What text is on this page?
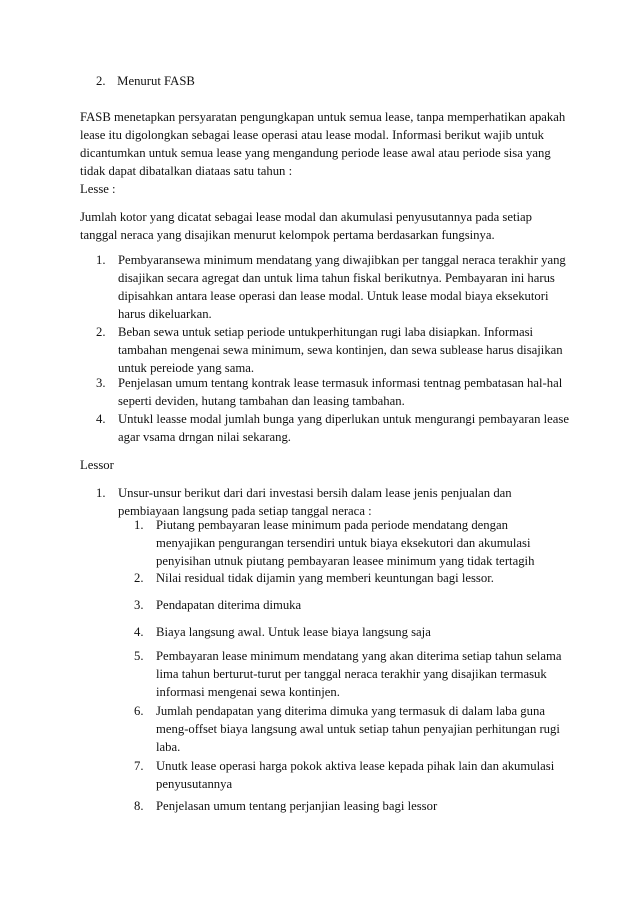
2. Menurut FASB
FASB menetapkan persyaratan pengungkapan untuk semua lease, tanpa memperhatikan apakah lease itu digolongkan sebagai lease operasi atau lease modal. Informasi berikut wajib untuk dicantumkan untuk semua lease yang mengandung periode lease awal atau periode sisa yang tidak dapat dibatalkan diataas satu tahun :
Lesse :
Jumlah kotor yang dicatat sebagai lease modal dan akumulasi penyusutannya pada setiap tanggal neraca yang disajikan menurut kelompok pertama berdasarkan fungsinya.
1. Pembyaransewa minimum mendatang yang diwajibkan per tanggal neraca terakhir yang disajikan secara agregat dan untuk lima tahun fiskal berikutnya. Pembayaran ini harus dipisahkan antara lease operasi dan lease modal. Untuk lease modal biaya eksekutori harus dikeluarkan.
2. Beban sewa untuk setiap periode untukperhitungan rugi laba disiapkan. Informasi tambahan mengenai sewa minimum, sewa kontinjen, dan sewa sublease harus disajikan untuk pereiode yang sama.
3. Penjelasan umum tentang kontrak lease termasuk informasi tentnag pembatasan hal-hal seperti deviden, hutang tambahan dan leasing tambahan.
4. Untukl leasse modal jumlah bunga yang diperlukan untuk mengurangi pembayaran lease agar vsama drngan nilai sekarang.
Lessor
1. Unsur-unsur berikut dari dari investasi bersih dalam lease jenis penjualan dan pembiayaan langsung pada setiap tanggal neraca :
1. Piutang pembayaran lease minimum pada periode mendatang dengan menyajikan pengurangan tersendiri untuk biaya eksekutori dan akumulasi penyisihan utnuk piutang pembayaran leasee minimum yang tidak tertagih
2. Nilai residual tidak dijamin yang memberi keuntungan bagi lessor.
3. Pendapatan diterima dimuka
4. Biaya langsung awal. Untuk lease biaya langsung saja
5. Pembayaran lease minimum mendatang yang akan diterima setiap tahun selama lima tahun berturut-turut per tanggal neraca terakhir yang disajikan termasuk informasi mengenai sewa kontinjen.
6. Jumlah pendapatan yang diterima dimuka yang termasuk di dalam laba guna meng-offset biaya langsung awal untuk setiap tahun penyajian perhitungan rugi laba.
7. Unutk lease operasi harga pokok aktiva lease kepada pihak lain dan akumulasi penyusutannya
8. Penjelasan umum tentang perjanjian leasing bagi lessor
